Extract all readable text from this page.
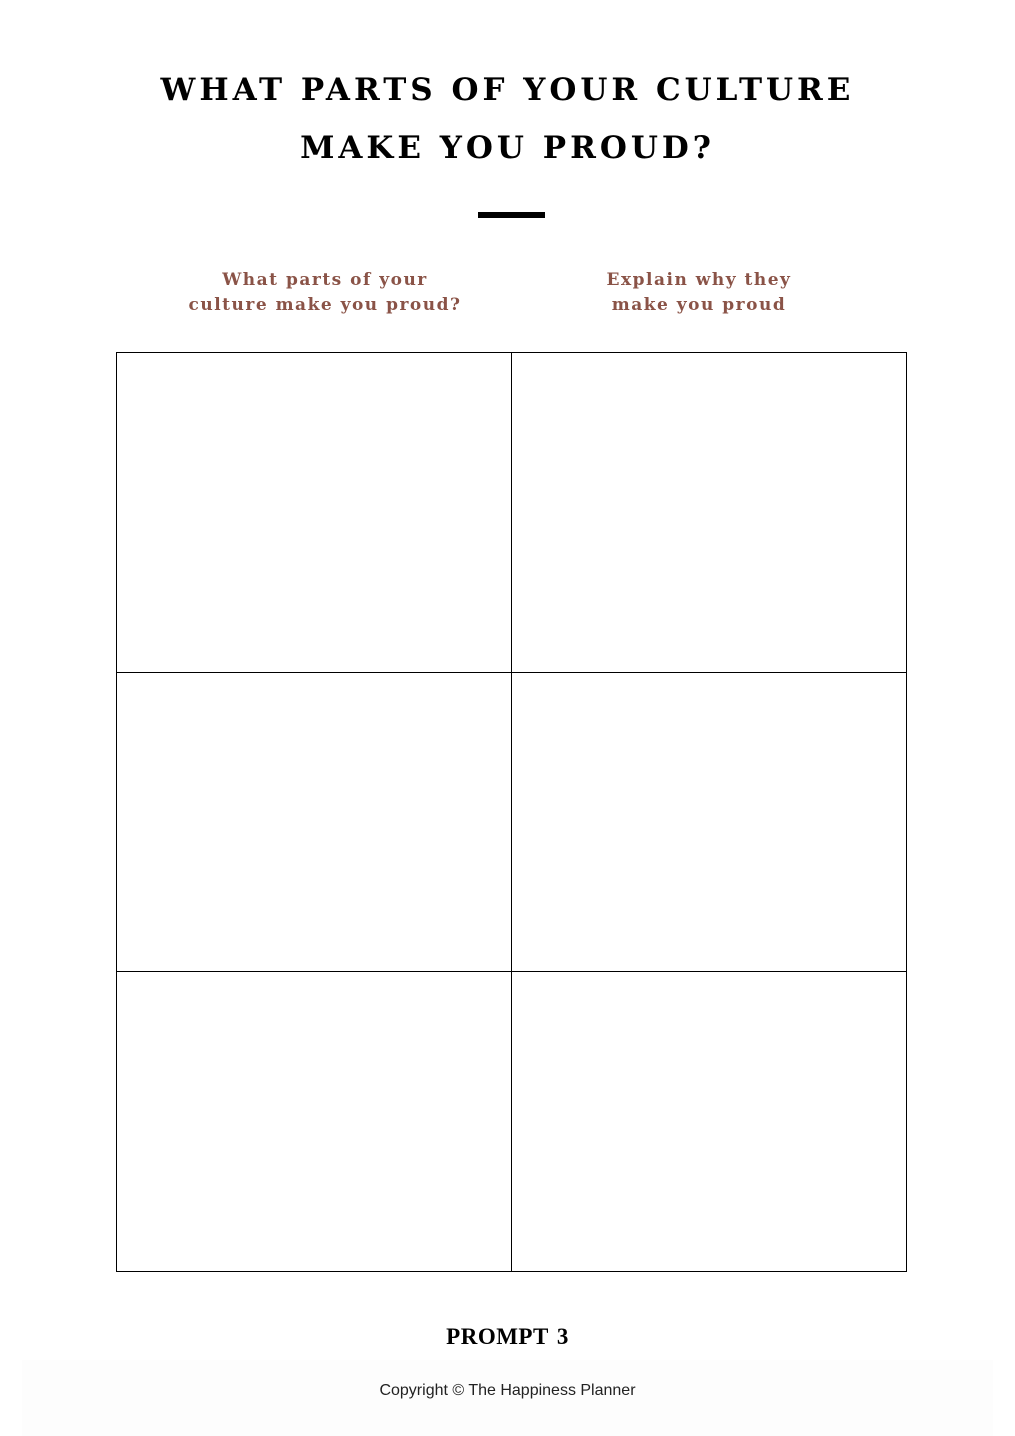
WHAT PARTS OF YOUR CULTURE
MAKE YOU PROUD?
What parts of your
culture make you proud?
Explain why they
make you proud
PROMPT 3
Copyright © The Happiness Planner
